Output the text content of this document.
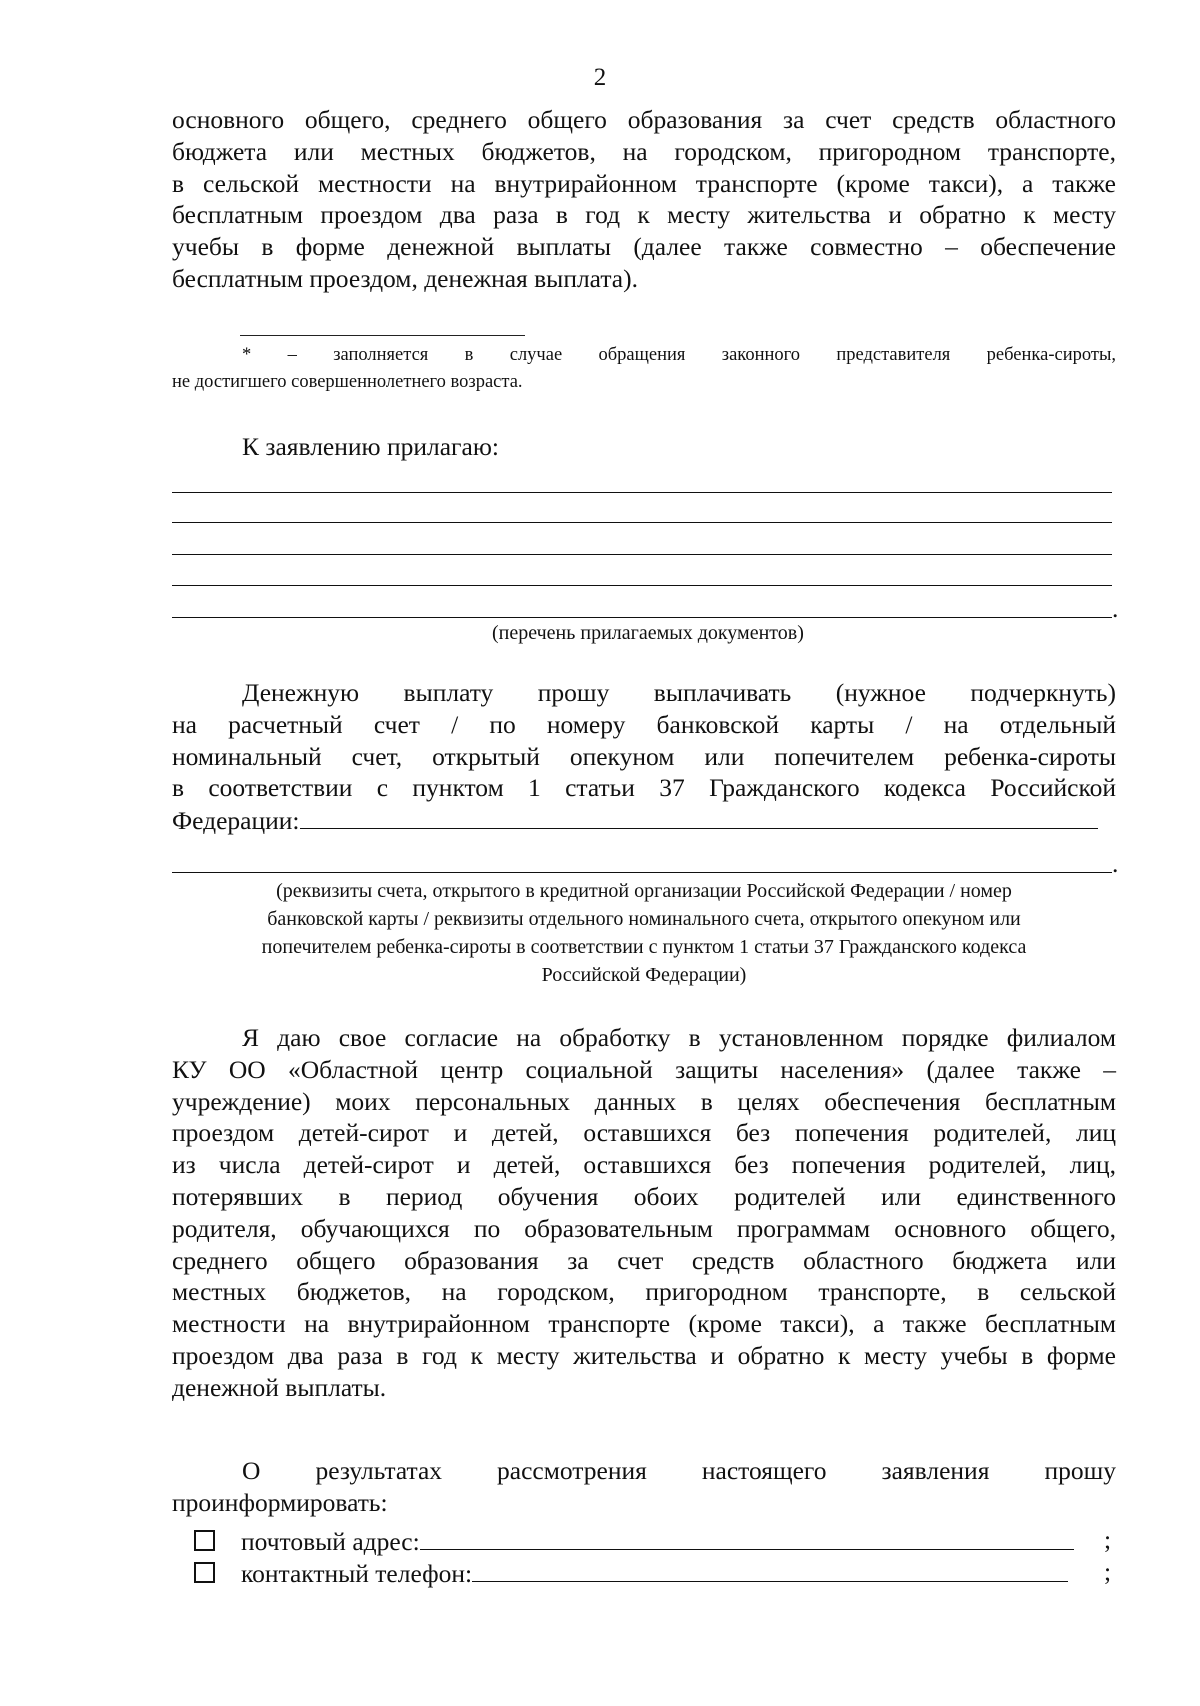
2
основного общего, среднего общего образования за счет средств областного
бюджета или местных бюджетов, на городском, пригородном транспорте,
в сельской местности на внутрирайонном транспорте (кроме такси), а также
бесплатным проездом два раза в год к месту жительства и обратно к месту
учебы в форме денежной выплаты (далее также совместно – обеспечение
бесплатным проездом, денежная выплата).
* – заполняется в случае обращения законного представителя ребенка-сироты,
не достигшего совершеннолетнего возраста.
К заявлению прилагаю:
.
(перечень прилагаемых документов)
Денежную выплату прошу выплачивать (нужное подчеркнуть)
на расчетный счет / по номеру банковской карты / на отдельный
номинальный счет, открытый опекуном или попечителем ребенка-сироты
в соответствии с пунктом 1 статьи 37 Гражданского кодекса Российской
Федерации:
.
(реквизиты счета, открытого в кредитной организации Российской Федерации / номер
банковской карты / реквизиты отдельного номинального счета, открытого опекуном или
попечителем ребенка-сироты в соответствии с пунктом 1 статьи 37 Гражданского кодекса
Российской Федерации)
Я даю свое согласие на обработку в установленном порядке филиалом
КУ ОО «Областной центр социальной защиты населения» (далее также –
учреждение) моих персональных данных в целях обеспечения бесплатным
проездом детей-сирот и детей, оставшихся без попечения родителей, лиц
из числа детей-сирот и детей, оставшихся без попечения родителей, лиц,
потерявших в период обучения обоих родителей или единственного
родителя, обучающихся по образовательным программам основного общего,
среднего общего образования за счет средств областного бюджета или
местных бюджетов, на городском, пригородном транспорте, в сельской
местности на внутрирайонном транспорте (кроме такси), а также бесплатным
проездом два раза в год к месту жительства и обратно к месту учебы в форме
денежной выплаты.
О результатах рассмотрения настоящего заявления прошу
проинформировать:
почтовый адрес:	;
контактный телефон:	;
